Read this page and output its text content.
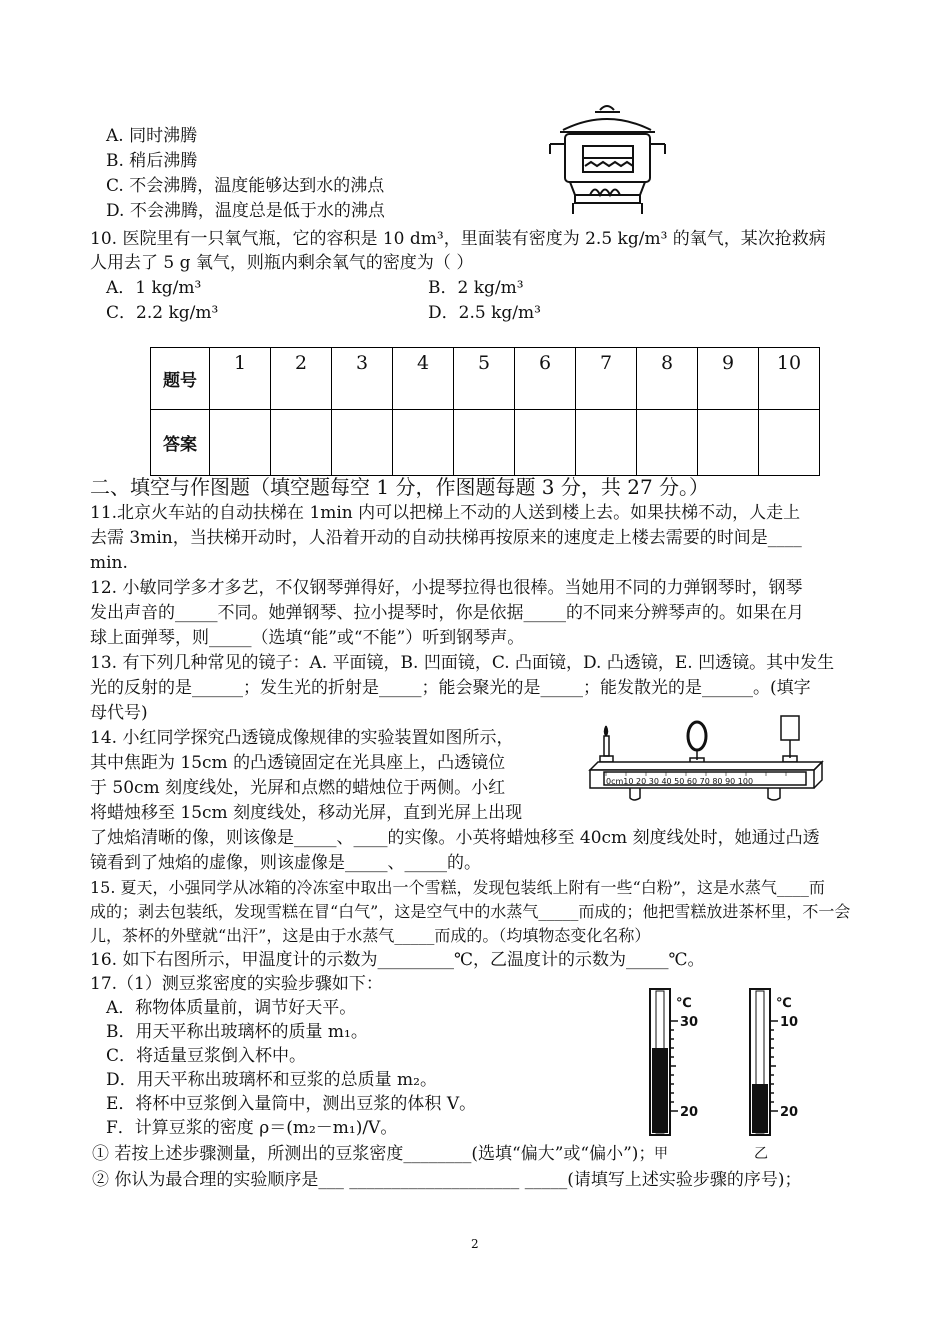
A. 同时沸腾
B. 稍后沸腾
C. 不会沸腾，温度能够达到水的沸点
D. 不会沸腾，温度总是低于水的沸点
10. 医院里有一只氧气瓶，它的容积是 10 dm³，里面装有密度为 2.5 kg/m³ 的氧气，某次抢救病
人用去了 5 g 氧气，则瓶内剩余氧气的密度为（ ）
A．1 kg/m³	B．2 kg/m³
C．2.2 kg/m³	D．2.5 kg/m³
题号	1	2	3	4	5	6	7	8	9	10
答案										
二、填空与作图题（填空题每空 1 分，作图题每题 3 分，共 27 分。）
11.北京火车站的自动扶梯在 1min 内可以把梯上不动的人送到楼上去。如果扶梯不动，人走上
去需 3min，当扶梯开动时，人沿着开动的自动扶梯再按原来的速度走上楼去需要的时间是____
min.
12. 小敏同学多才多艺，不仅钢琴弹得好，小提琴拉得也很棒。当她用不同的力弹钢琴时，钢琴
发出声音的_____不同。她弹钢琴、拉小提琴时，你是依据_____的不同来分辨琴声的。如果在月
球上面弹琴，则_____（选填“能”或“不能”）听到钢琴声。
13. 有下列几种常见的镜子：A. 平面镜，B. 凹面镜，C. 凸面镜，D. 凸透镜，E. 凹透镜。其中发生
光的反射的是______；发生光的折射是_____；能会聚光的是_____；能发散光的是______。(填字
母代号)
14. 小红同学探究凸透镜成像规律的实验装置如图所示，
其中焦距为 15cm 的凸透镜固定在光具座上，凸透镜位
于 50cm 刻度线处，光屏和点燃的蜡烛位于两侧。小红
将蜡烛移至 15cm 刻度线处，移动光屏，直到光屏上出现
了烛焰清晰的像，则该像是_____、____的实像。小英将蜡烛移至 40cm 刻度线处时，她通过凸透
镜看到了烛焰的虚像，则该虚像是_____、_____的。
0cm10 20 30 40 50 60 70 80 90 100
15. 夏天，小强同学从冰箱的冷冻室中取出一个雪糕，发现包装纸上附有一些“白粉”，这是水蒸气____而
成的；剥去包装纸，发现雪糕在冒“白气”，这是空气中的水蒸气_____而成的；他把雪糕放进茶杯里，不一会
儿，茶杯的外壁就“出汗”，这是由于水蒸气_____而成的。（均填物态变化名称）
16. 如下右图所示，甲温度计的示数为_________℃，乙温度计的示数为_____℃。
17.（1）测豆浆密度的实验步骤如下：
A．称物体质量前，调节好天平。
B．用天平称出玻璃杯的质量 m₁。
C．将适量豆浆倒入杯中。
D．用天平称出玻璃杯和豆浆的总质量 m₂。
E．将杯中豆浆倒入量筒中，测出豆浆的体积 V。
F．计算豆浆的密度 ρ＝(m₂－m₁)/V。
① 若按上述步骤测量，所测出的豆浆密度________(选填“偏大”或“偏小”)；
② 你认为最合理的实验顺序是___ ____________________ _____(请填写上述实验步骤的序号)；
℃
30
20
甲
℃
10
20
乙
2
